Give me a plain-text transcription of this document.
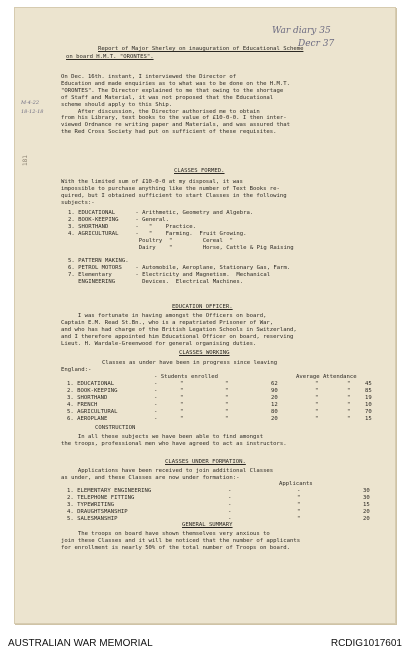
War diary 35
Decr 37
M-4-22
18-12-18
181
Report of Major Sherley on inauguration of Educational Scheme
on board H.M.T. "ORONTES".
On Dec. 16th. instant, I interviewed the Director of
Education and made enquiries as to what was to be done on the H.M.T.
"ORONTES". The Director explained to me that owing to the shortage
of Staff and Material, it was not proposed that the Educational
scheme should apply to this Ship.
After discussion, the Director authorised me to obtain
from his Library, text books to the value of £10-0-0. I then inter-
viewed Ordnance re writing paper and Materials, and was assured that
the Red Cross Society had put on sufficient of these requisites.
CLASSES FORMED.
With the limited sum of £10-0-0 at my disposal, it was
impossible to purchase anything like the number of Text Books re-
quired, but I obtained sufficient to start Classes in the following
subjects:-
1. EDUCATIONAL      - Arithmetic, Geometry and Algebra.
2. BOOK-KEEPING     - General.
3. SHORTHAND        -   "    Practice.
4. AGRICULTURAL     -   "    Farming.  Fruit Growing.
Poultry  "         Cereal  "
Dairy    "         Horse, Cattle & Pig Raising
5. PATTERN MAKING.
6. PETROL MOTORS    - Automobile, Aeroplane, Stationary Gas, Farm.
7. Elementary       - Electricity and Magnetism.  Mechanical
ENGINEERING        Devices.  Electrical Machines.
EDUCATION OFFICER.
I was fortunate in having amongst the Officers on board,
Captain E.M. Read St.Bn., who is a repatriated Prisoner of War,
and who has had charge of the British Legation Schools in Switzerland,
and I therefore appointed him Educational Officer on board, reserving
Lieut. H. Wardale-Greenwood for general organising duties.
CLASSES WORKING
Classes as under have been in progress since leaving
England:-
- Students enrolled	Average Attendance
1. EDUCATIONAL	-	"	"	62	"	"	45
2. BOOK-KEEPING	-	"	"	90	"	"	85
3. SHORTHAND	-	"	"	20	"	"	19
4. FRENCH	-	"	"	12	"	"	10
5. AGRICULTURAL	-	"	"	80	"	"	70
6. AEROPLANE	-	"	"	20	"	"	15
CONSTRUCTION
In all these subjects we have been able to find amongst
the troops, professional men who have agreed to act as instructors.
CLASSES UNDER FORMATION.
Applications have been received to join additional Classes
as under, and these Classes are now under formation:-
Applicants
1. ELEMENTARY ENGINEERING	-	-	30
2. TELEPHONE FITTING	-	"	30
3. TYPEWRITING	-	"	15
4. DRAUGHTSMANSHIP	-	"	20
5. SALESMANSHIP	-	"	20
GENERAL SUMMARY
The troops on board have shown themselves very anxious to
join these Classes and it will be noticed that the number of applicants
for enrollment is nearly 50% of the total number of Troops on board.
AUSTRALIAN WAR MEMORIAL	RCDIG1017601
